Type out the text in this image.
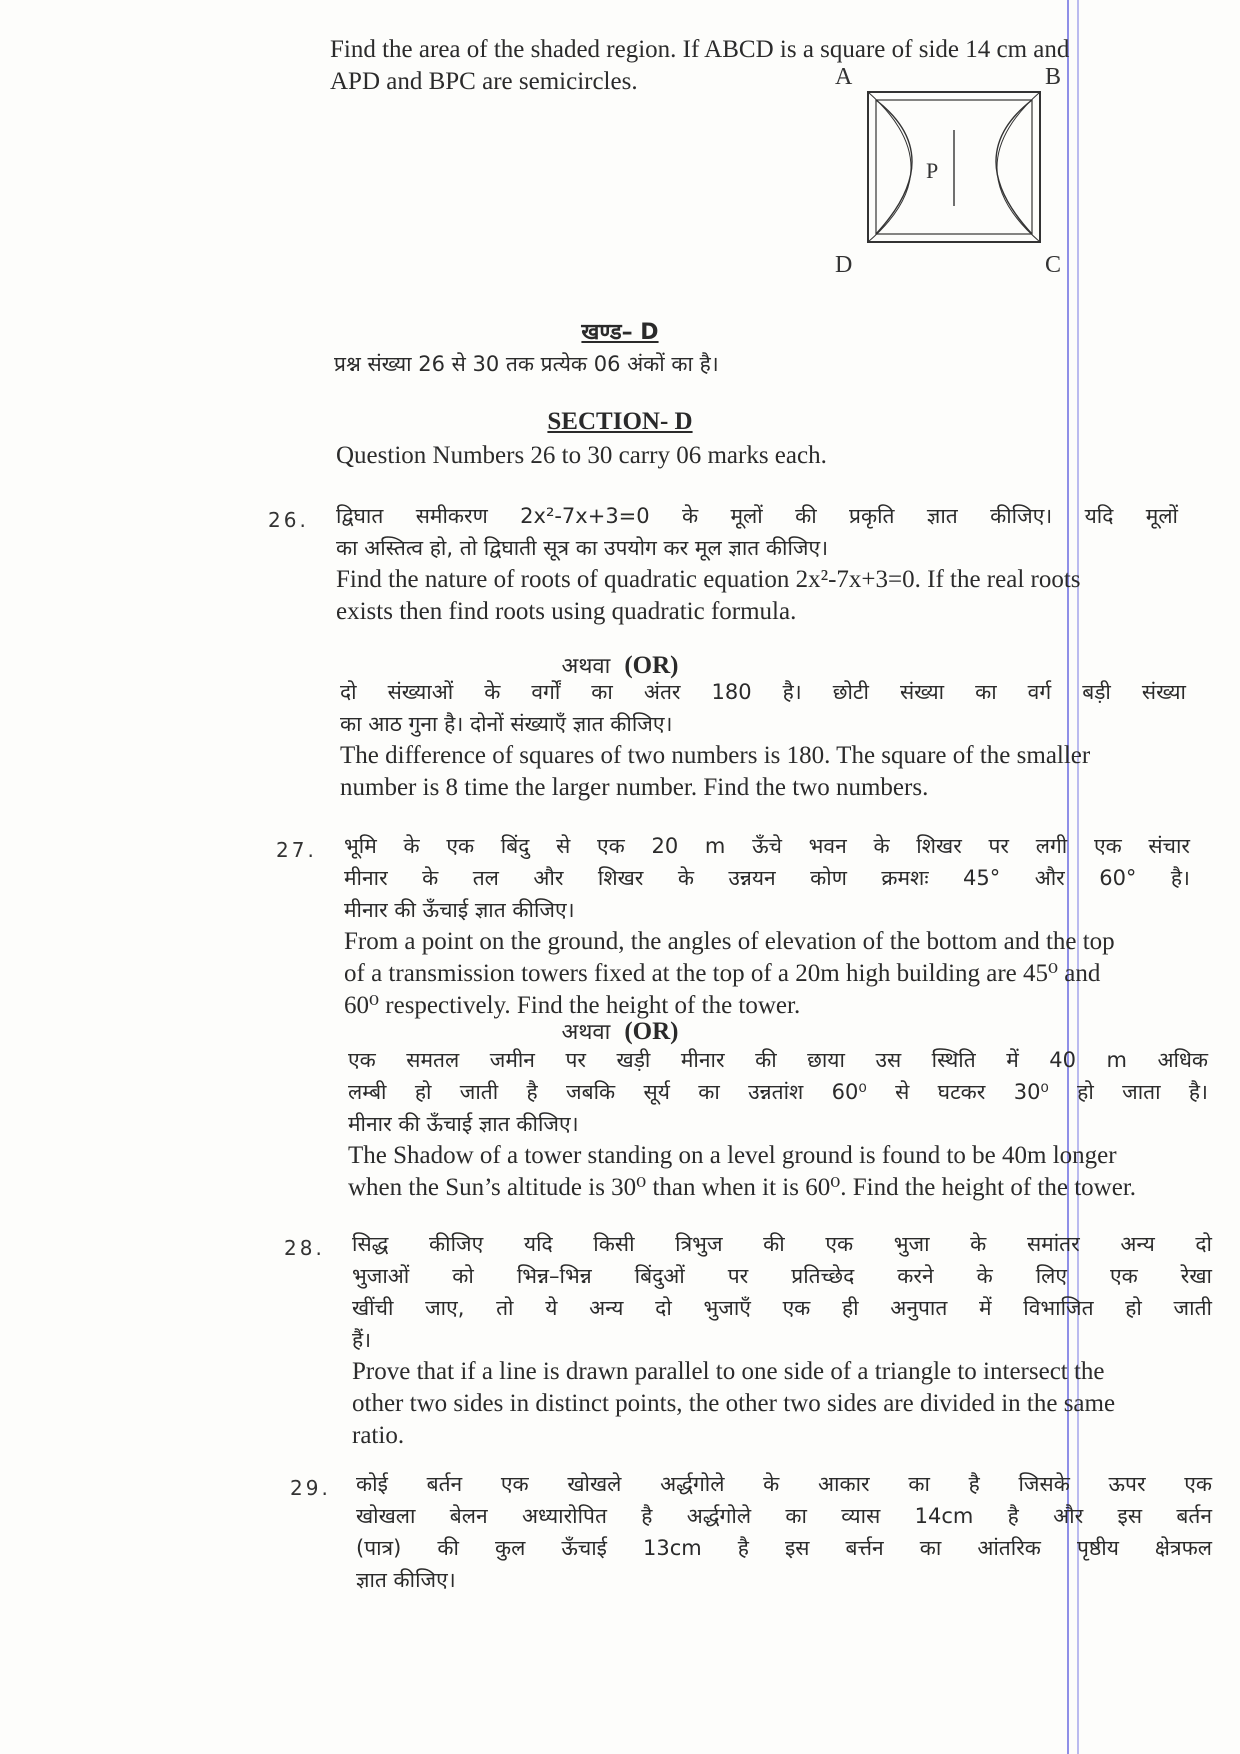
Find the area of the shaded region. If ABCD is a square of side 14 cm and
APD and BPC are semicircles.	A	B
D	C
P
खण्ड– D
प्रश्न संख्या 26 से 30 तक प्रत्येक 06 अंकों का है।
SECTION- D
Question Numbers 26 to 30 carry 06 marks each.
26. द्विघात समीकरण 2x²-7x+3=0 के मूलों की प्रकृति ज्ञात कीजिए। यदि मूलों
का अस्तित्व हो, तो द्विघाती सूत्र का उपयोग कर मूल ज्ञात कीजिए।
Find the nature of roots of quadratic equation 2x²-7x+3=0. If the real roots
exists then find roots using quadratic formula.
अथवा (OR)
दो संख्याओं के वर्गों का अंतर 180 है। छोटी संख्या का वर्ग बड़ी संख्या
का आठ गुना है। दोनों संख्याएँ ज्ञात कीजिए।
The difference of squares of two numbers is 180. The square of the smaller
number is 8 time the larger number. Find the two numbers.
27. भूमि के एक बिंदु से एक 20 m ऊँचे भवन के शिखर पर लगी एक संचार
मीनार के तल और शिखर के उन्नयन कोण क्रमशः 45° और 60° है।
मीनार की ऊँचाई ज्ञात कीजिए।
From a point on the ground, the angles of elevation of the bottom and the top
of a transmission towers fixed at the top of a 20m high building are 45⁰ and
60⁰ respectively. Find the height of the tower.
अथवा (OR)
एक समतल जमीन पर खड़ी मीनार की छाया उस स्थिति में 40 m अधिक
लम्बी हो जाती है जबकि सूर्य का उन्नतांश 60⁰ से घटकर 30⁰ हो जाता है।
मीनार की ऊँचाई ज्ञात कीजिए।
The Shadow of a tower standing on a level ground is found to be 40m longer
when the Sun’s altitude is 30⁰ than when it is 60⁰. Find the height of the tower.
28. सिद्ध कीजिए यदि किसी त्रिभुज की एक भुजा के समांतर अन्य दो
भुजाओं को भिन्न–भिन्न बिंदुओं पर प्रतिच्छेद करने के लिए एक रेखा
खींची जाए, तो ये अन्य दो भुजाएँ एक ही अनुपात में विभाजित हो जाती
हैं।
Prove that if a line is drawn parallel to one side of a triangle to intersect the
other two sides in distinct points, the other two sides are divided in the same
ratio.
29. कोई बर्तन एक खोखले अर्द्धगोले के आकार का है जिसके ऊपर एक
खोखला बेलन अध्यारोपित है अर्द्धगोले का व्यास 14cm है और इस बर्तन
(पात्र) की कुल ऊँचाई 13cm है इस बर्त्तन का आंतरिक पृष्ठीय क्षेत्रफल
ज्ञात कीजिए।
